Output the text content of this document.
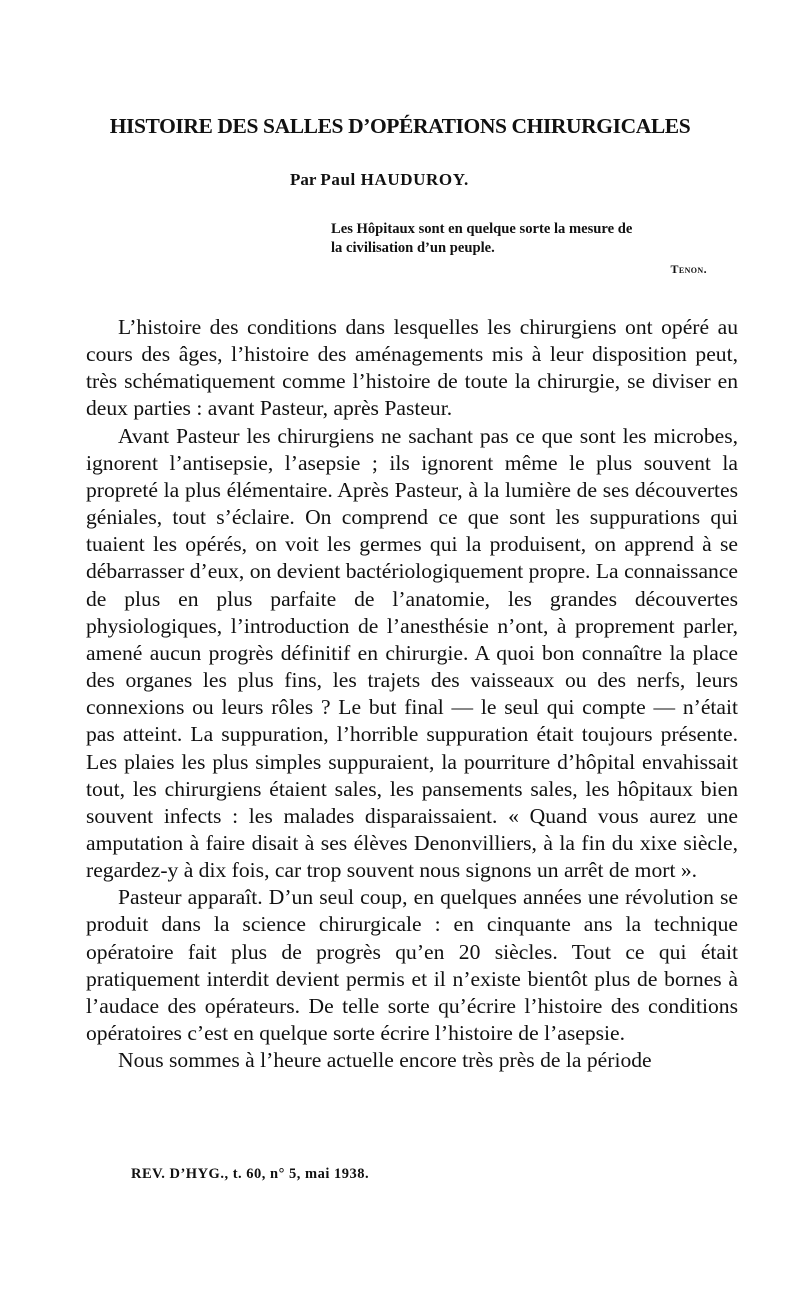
HISTOIRE DES SALLES D’OPÉRATIONS CHIRURGICALES
Par Paul HAUDUROY.
Les Hôpitaux sont en quelque sorte la mesure de
la civilisation d’un peuple.
Tenon.

L’histoire des conditions dans lesquelles les chirurgiens ont opéré au cours des âges, l’histoire des aménagements mis à leur disposition peut, très schématiquement comme l’histoire de toute la chirurgie, se diviser en deux parties : avant Pasteur, après Pasteur.

Avant Pasteur les chirurgiens ne sachant pas ce que sont les microbes, ignorent l’antisepsie, l’asepsie ; ils ignorent même le plus souvent la propreté la plus élémentaire. Après Pasteur, à la lumière de ses découvertes géniales, tout s’éclaire. On comprend ce que sont les suppurations qui tuaient les opérés, on voit les germes qui la produisent, on apprend à se débarrasser d’eux, on devient bactériologiquement propre. La connaissance de plus en plus parfaite de l’anatomie, les grandes découvertes physiologiques, l’introduction de l’anesthésie n’ont, à proprement parler, amené aucun progrès définitif en chirurgie. A quoi bon connaître la place des organes les plus fins, les trajets des vaisseaux ou des nerfs, leurs connexions ou leurs rôles ? Le but final — le seul qui compte — n’était pas atteint. La suppuration, l’horrible suppuration était toujours présente. Les plaies les plus simples suppuraient, la pourriture d’hôpital envahissait tout, les chirurgiens étaient sales, les pansements sales, les hôpitaux bien souvent infects : les malades disparaissaient. « Quand vous aurez une amputation à faire disait à ses élèves Denonvilliers, à la fin du xixe siècle, regardez-y à dix fois, car trop souvent nous signons un arrêt de mort ».

Pasteur apparaît. D’un seul coup, en quelques années une révolution se produit dans la science chirurgicale : en cinquante ans la technique opératoire fait plus de progrès qu’en 20 siècles. Tout ce qui était pratiquement interdit devient permis et il n’existe bientôt plus de bornes à l’audace des opérateurs. De telle sorte qu’écrire l’histoire des conditions opératoires c’est en quelque sorte écrire l’histoire de l’asepsie.

Nous sommes à l’heure actuelle encore très près de la période

REV. D’HYG., t. 60, n° 5, mai 1938.
